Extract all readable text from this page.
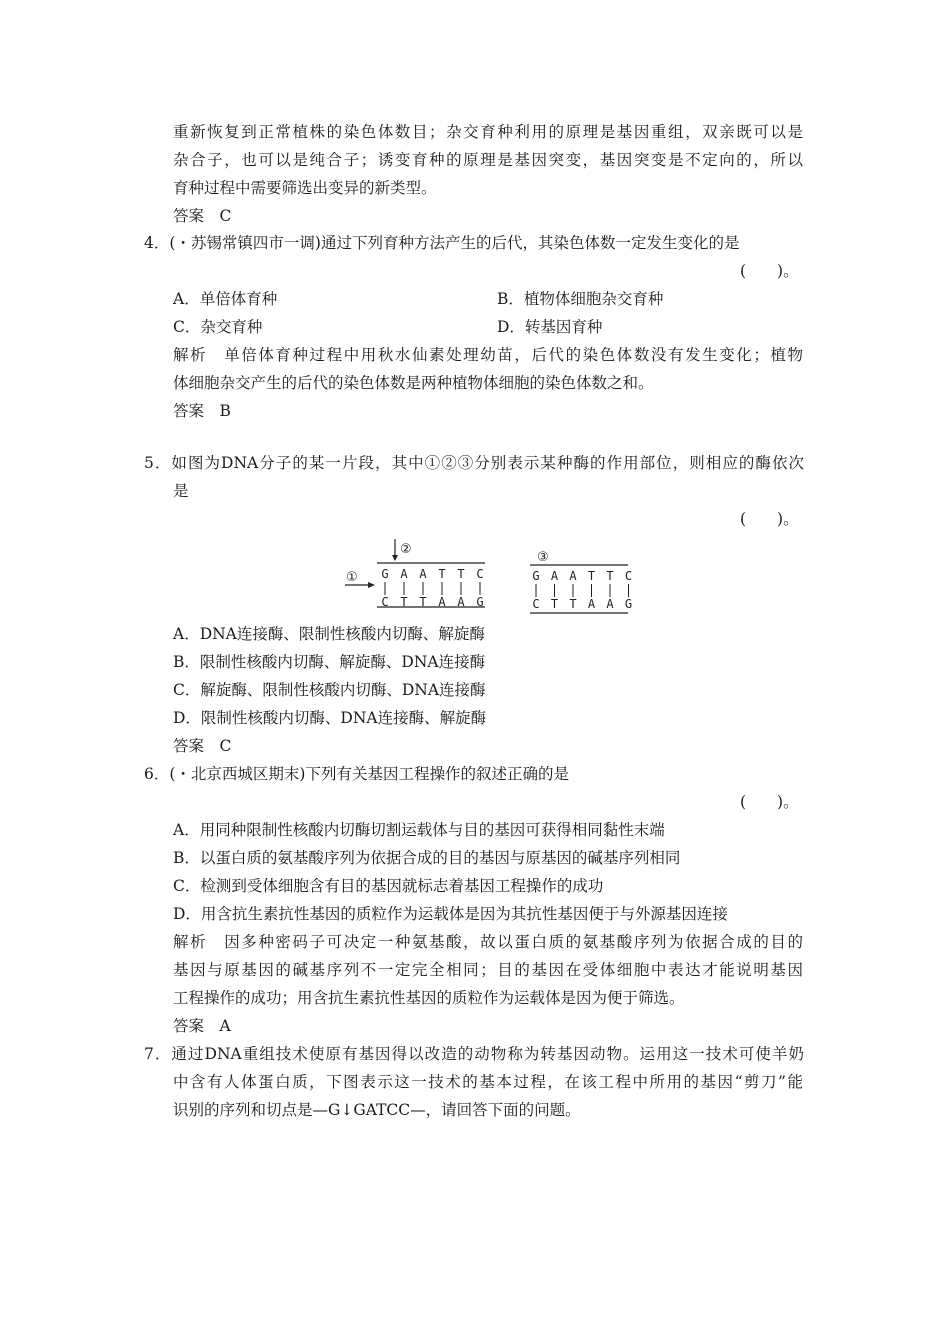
重新恢复到正常植株的染色体数目；杂交育种利用的原理是基因重组，双亲既可以是
杂合子，也可以是纯合子；诱变育种的原理是基因突变，基因突变是不定向的，所以
育种过程中需要筛选出变异的新类型。
答案　C
4．(・苏锡常镇四市一调)通过下列育种方法产生的后代，其染色体数一定发生变化的是
(　　)。
A．单倍体育种	B．植物体细胞杂交育种
C．杂交育种	D．转基因育种
解析　单倍体育种过程中用秋水仙素处理幼苗，后代的染色体数没有发生变化；植物
体细胞杂交产生的后代的染色体数是两种植物体细胞的染色体数之和。
答案　B
5．如图为DNA分子的某一片段，其中①②③分别表示某种酶的作用部位，则相应的酶依次
是
(　　)。
②
① G A A T T C
C T T A A G
③
G A A T T C
C T T A A G
A．DNA连接酶、限制性核酸内切酶、解旋酶
B．限制性核酸内切酶、解旋酶、DNA连接酶
C．解旋酶、限制性核酸内切酶、DNA连接酶
D．限制性核酸内切酶、DNA连接酶、解旋酶
答案　C
6．(・北京西城区期末)下列有关基因工程操作的叙述正确的是
(　　)。
A．用同种限制性核酸内切酶切割运载体与目的基因可获得相同黏性末端
B．以蛋白质的氨基酸序列为依据合成的目的基因与原基因的碱基序列相同
C．检测到受体细胞含有目的基因就标志着基因工程操作的成功
D．用含抗生素抗性基因的质粒作为运载体是因为其抗性基因便于与外源基因连接
解析　因多种密码子可决定一种氨基酸，故以蛋白质的氨基酸序列为依据合成的目的
基因与原基因的碱基序列不一定完全相同；目的基因在受体细胞中表达才能说明基因
工程操作的成功；用含抗生素抗性基因的质粒作为运载体是因为便于筛选。
答案　A
7．通过DNA重组技术使原有基因得以改造的动物称为转基因动物。运用这一技术可使羊奶
中含有人体蛋白质，下图表示这一技术的基本过程，在该工程中所用的基因“剪刀”能
识别的序列和切点是—G↓GATCC—，请回答下面的问题。
